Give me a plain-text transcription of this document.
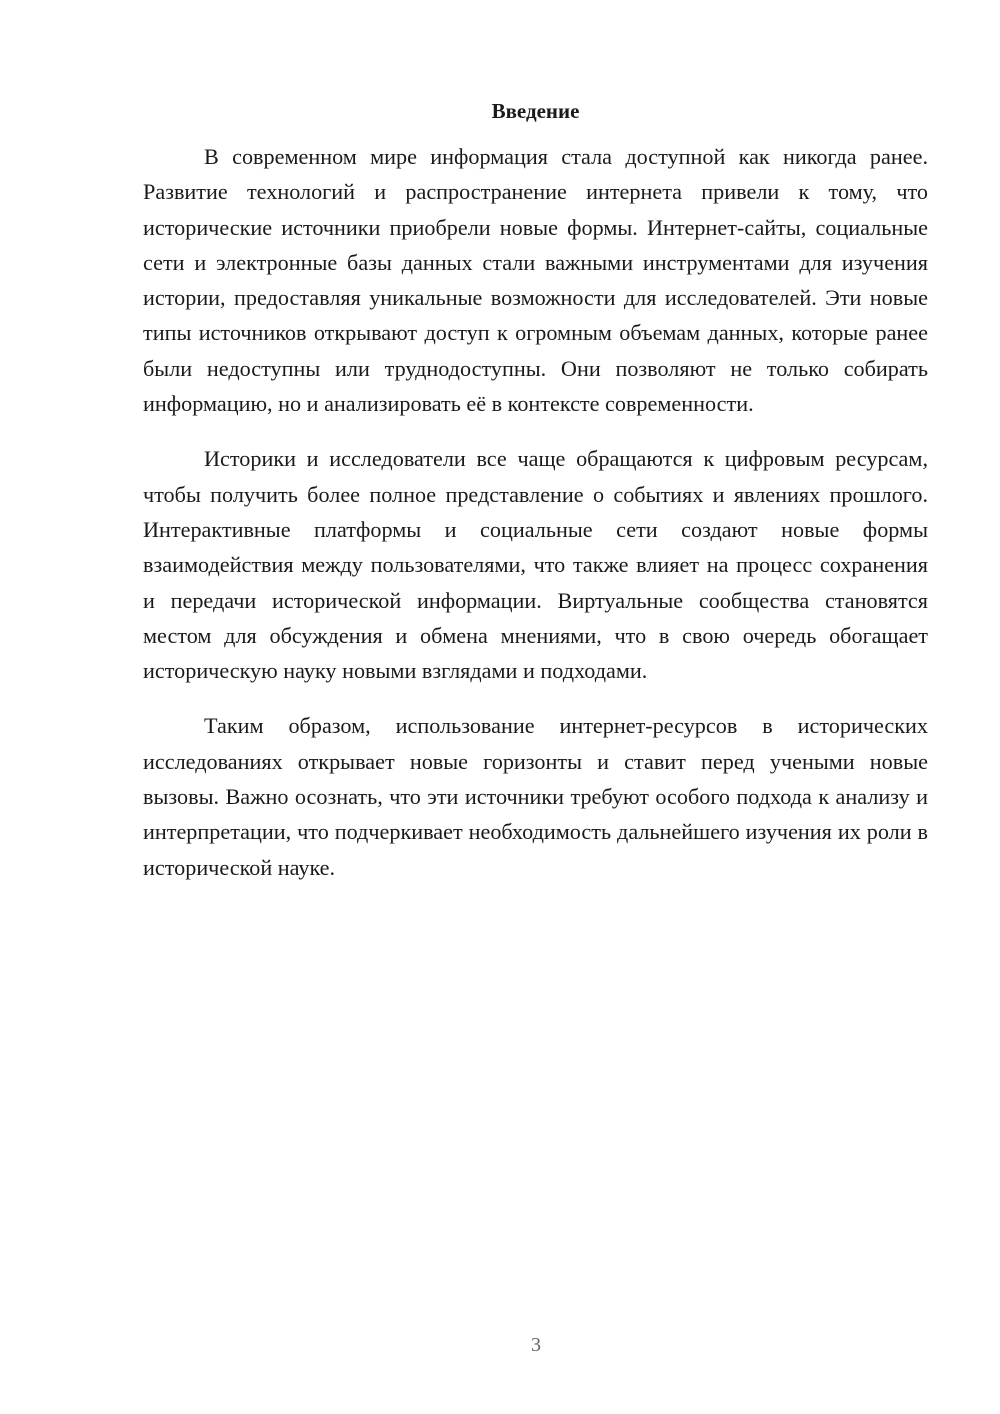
Введение

В современном мире информация стала доступной как никогда ранее. Развитие технологий и распространение интернета привели к тому, что исторические источники приобрели новые формы. Интернет-сайты, социальные сети и электронные базы данных стали важными инструментами для изучения истории, предоставляя уникальные возможности для исследователей. Эти новые типы источников открывают доступ к огромным объемам данных, которые ранее были недоступны или труднодоступны. Они позволяют не только собирать информацию, но и анализировать её в контексте современности.

Историки и исследователи все чаще обращаются к цифровым ресурсам, чтобы получить более полное представление о событиях и явлениях прошлого. Интерактивные платформы и социальные сети создают новые формы взаимодействия между пользователями, что также влияет на процесс сохранения и передачи исторической информации. Виртуальные сообщества становятся местом для обсуждения и обмена мнениями, что в свою очередь обогащает историческую науку новыми взглядами и подходами.

Таким образом, использование интернет-ресурсов в исторических исследованиях открывает новые горизонты и ставит перед учеными новые вызовы. Важно осознать, что эти источники требуют особого подхода к анализу и интерпретации, что подчеркивает необходимость дальнейшего изучения их роли в исторической науке.

3
